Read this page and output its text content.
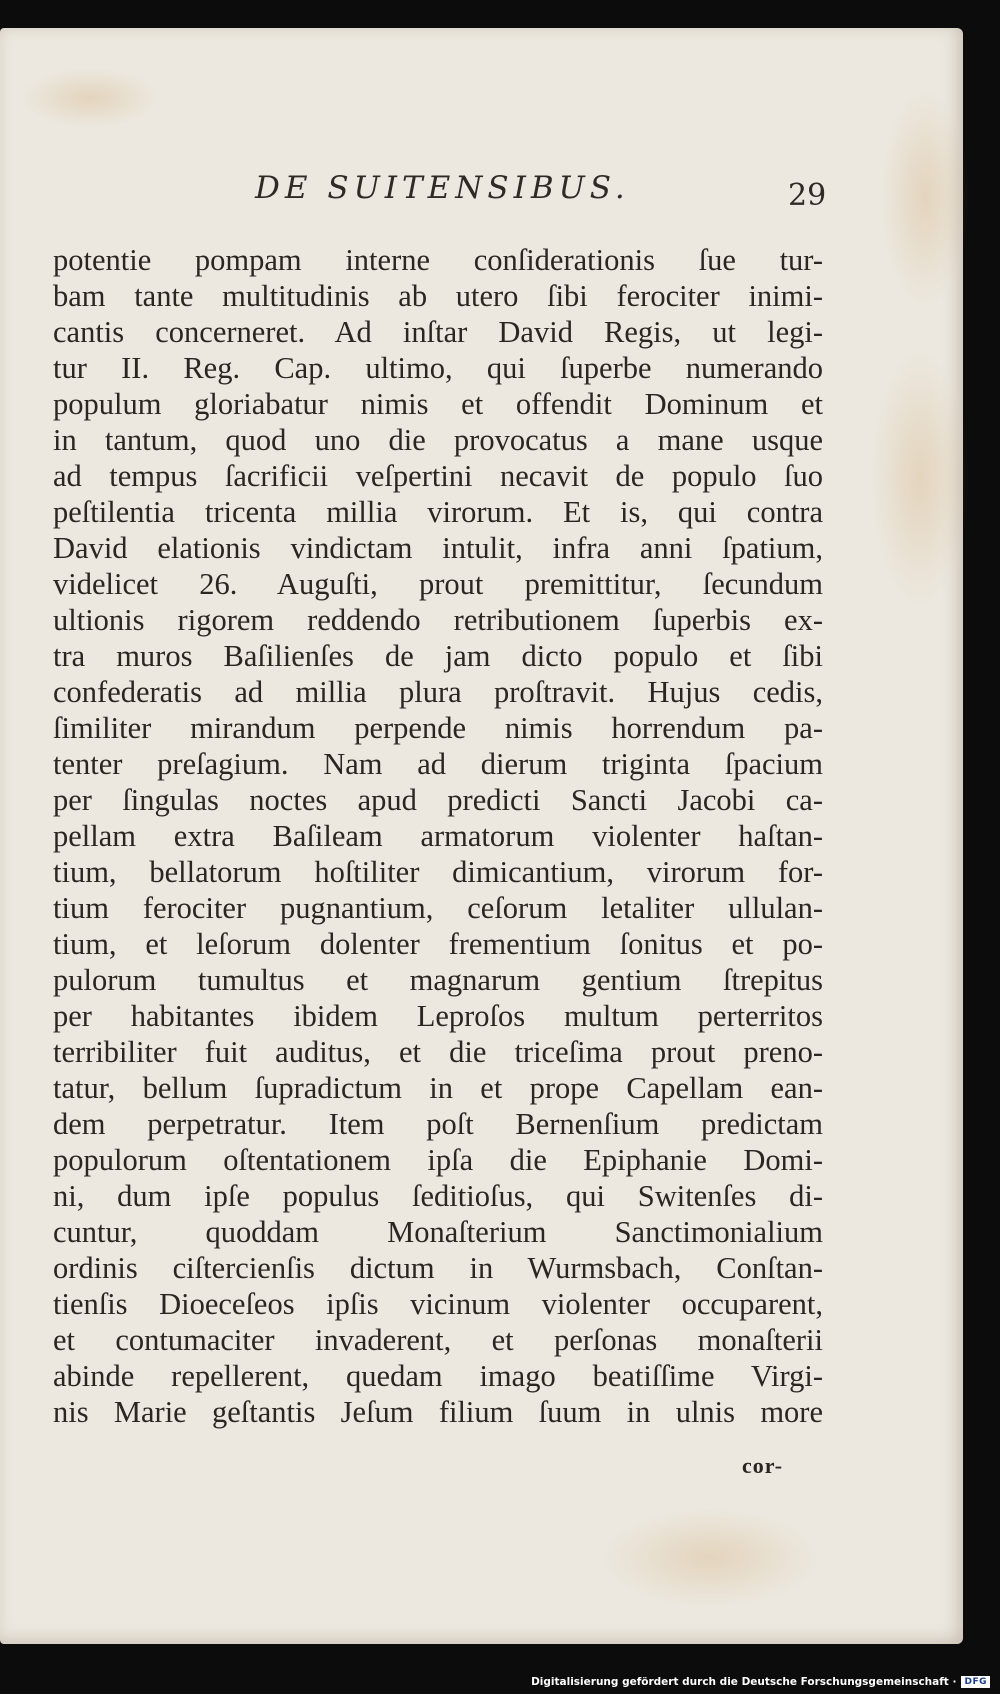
DE SUITENSIBUS.	29
potentie pompam interne conſiderationis ſue tur-
bam tante multitudinis ab utero ſibi ferociter inimi-
cantis concerneret. Ad inſtar David Regis, ut legi-
tur II. Reg. Cap. ultimo, qui ſuperbe numerando
populum gloriabatur nimis et offendit Dominum et
in tantum, quod uno die provocatus a mane usque
ad tempus ſacrificii veſpertini necavit de populo ſuo
peſtilentia tricenta millia virorum. Et is, qui contra
David elationis vindictam intulit, infra anni ſpatium,
videlicet 26. Auguſti, prout premittitur, ſecundum
ultionis rigorem reddendo retributionem ſuperbis ex-
tra muros Baſilienſes de jam dicto populo et ſibi
confederatis ad millia plura proſtravit. Hujus cedis,
ſimiliter mirandum perpende nimis horrendum pa-
tenter preſagium. Nam ad dierum triginta ſpacium
per ſingulas noctes apud predicti Sancti Jacobi ca-
pellam extra Baſileam armatorum violenter haſtan-
tium, bellatorum hoſtiliter dimicantium, virorum for-
tium ferociter pugnantium, ceſorum letaliter ullulan-
tium, et leſorum dolenter frementium ſonitus et po-
pulorum tumultus et magnarum gentium ſtrepitus
per habitantes ibidem Leproſos multum perterritos
terribiliter fuit auditus, et die triceſima prout preno-
tatur, bellum ſupradictum in et prope Capellam ean-
dem perpetratur. Item poſt Bernenſium predictam
populorum oſtentationem ipſa die Epiphanie Domi-
ni, dum ipſe populus ſeditioſus, qui Switenſes di-
cuntur, quoddam Monaſterium Sanctimonialium
ordinis ciſtercienſis dictum in Wurmsbach, Conſtan-
tienſis Dioeceſeos ipſis vicinum violenter occuparent,
et contumaciter invaderent, et perſonas monaſterii
abinde repellerent, quedam imago beatiſſime Virgi-
nis Marie geſtantis Jeſum filium ſuum in ulnis more
cor-
Digitalisierung gefördert durch die Deutsche Forschungsgemeinschaft · DFG
